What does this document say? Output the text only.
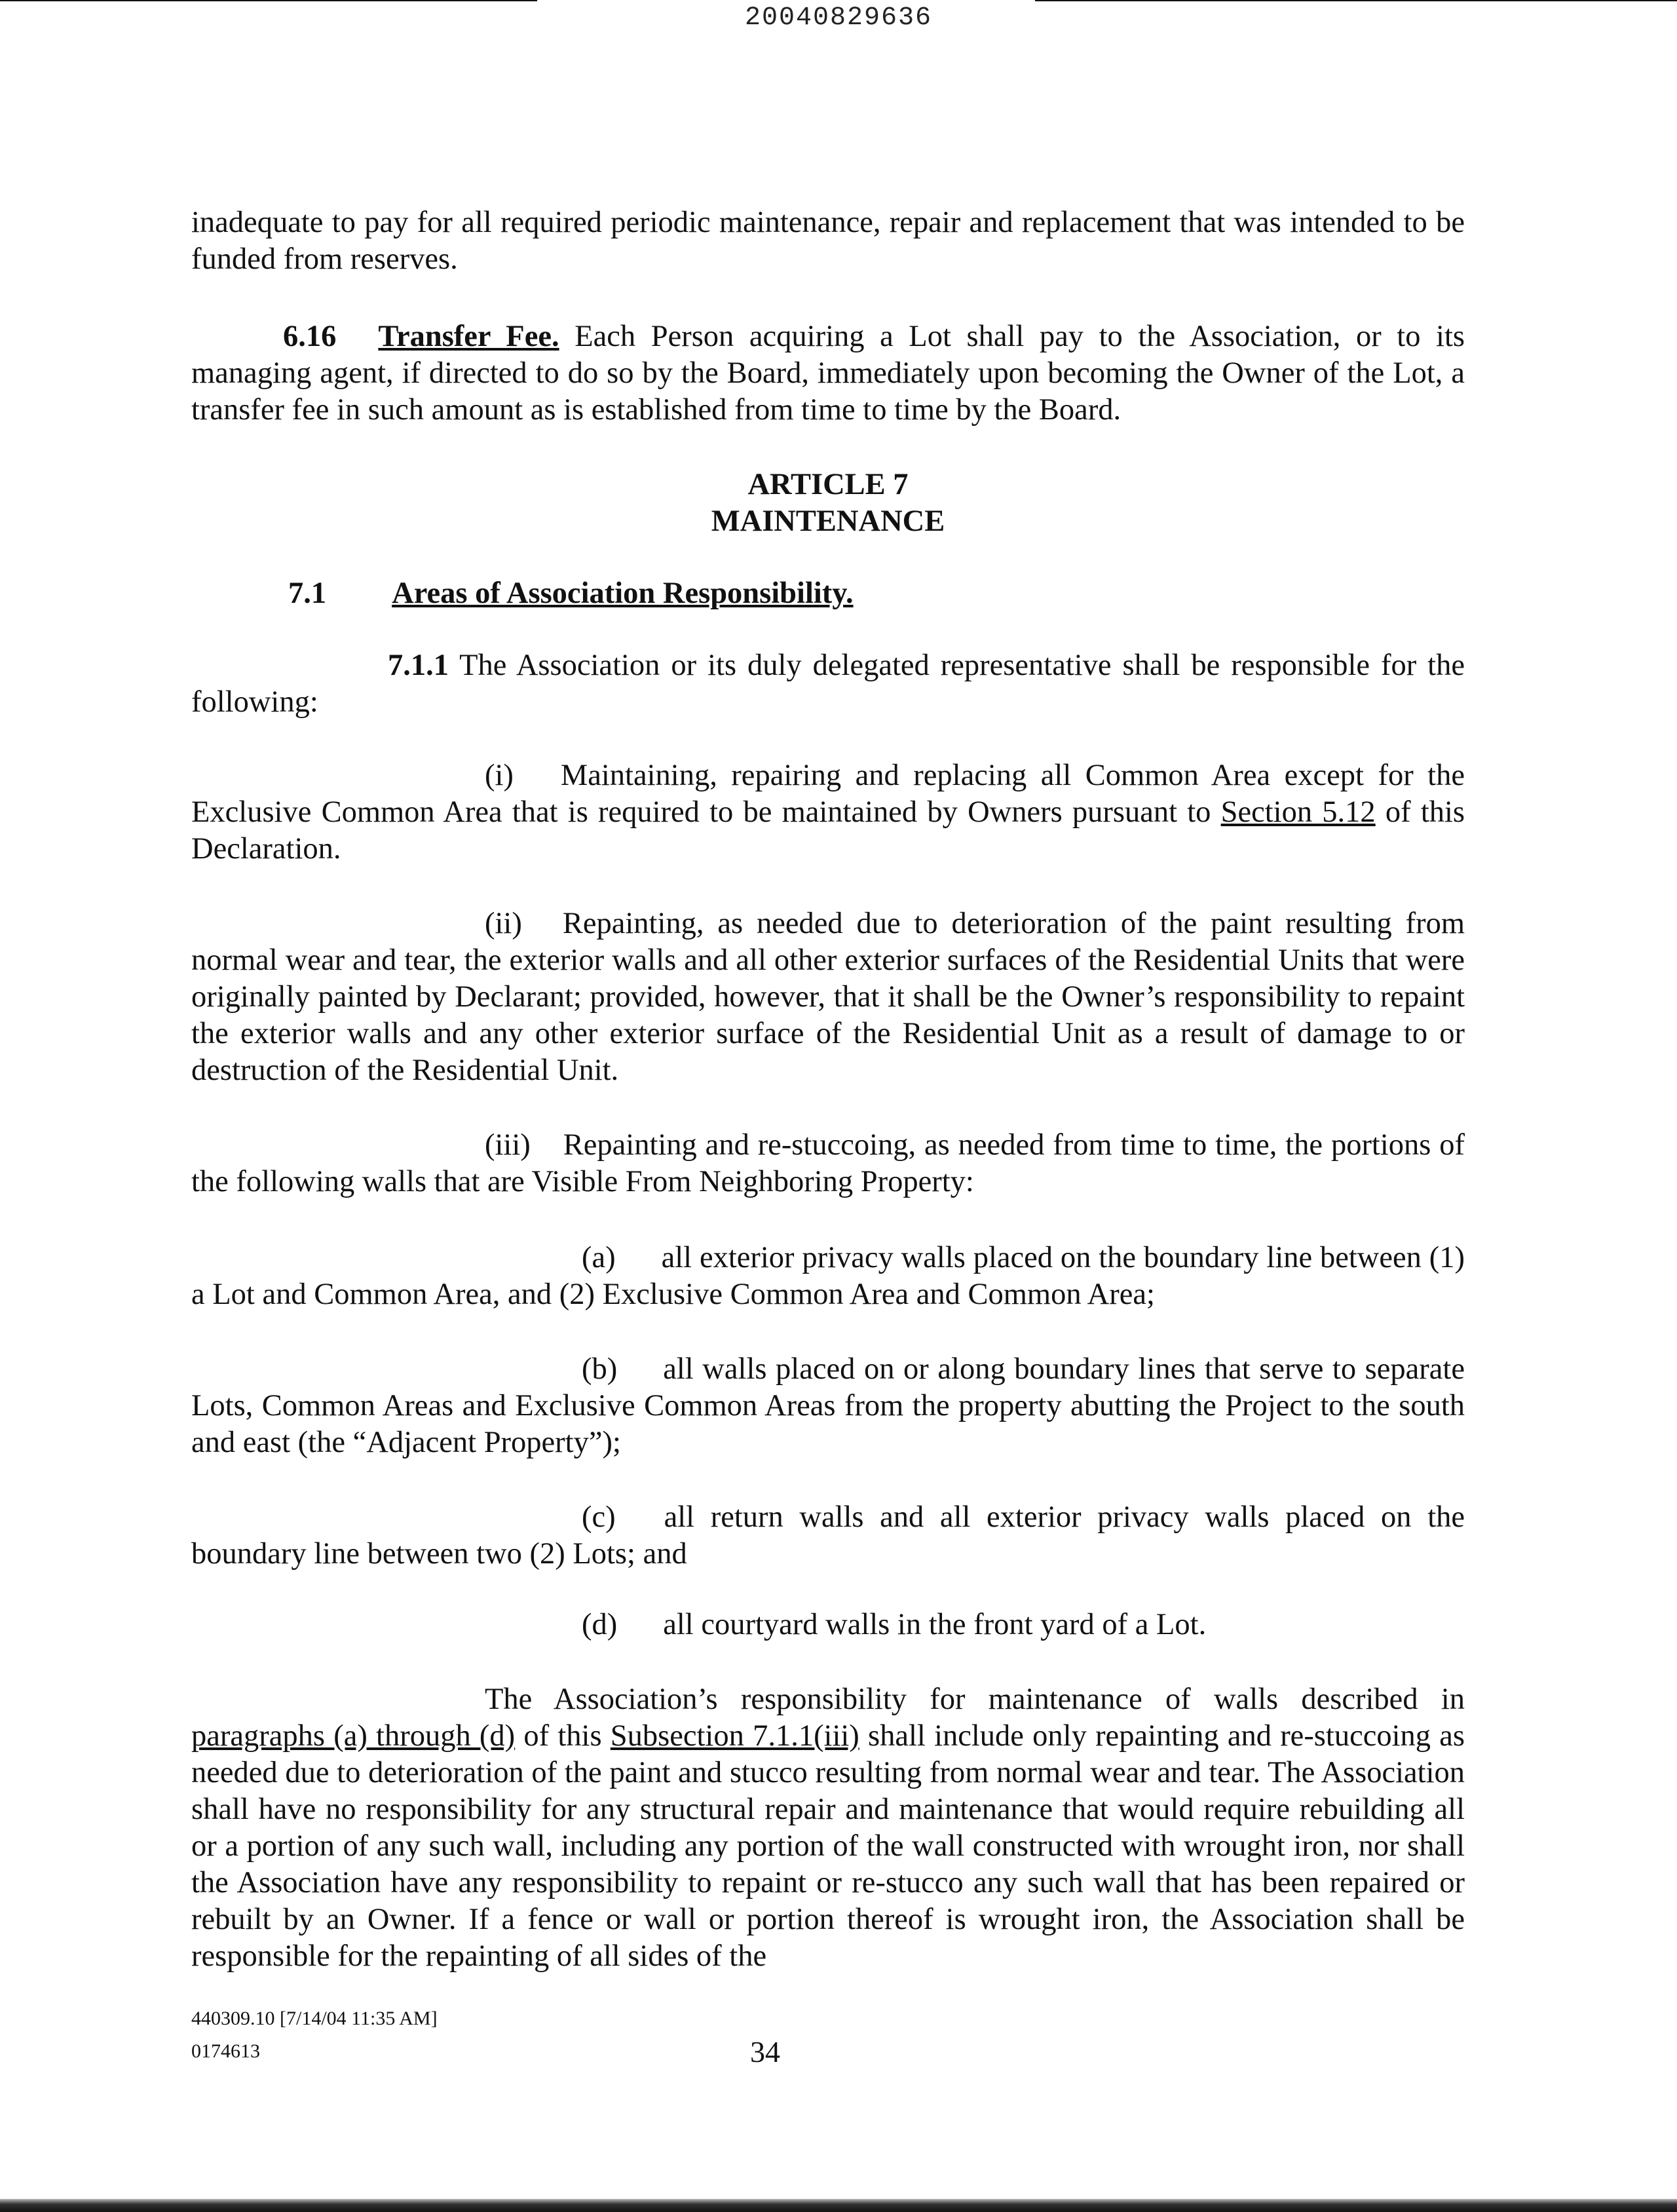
20040829636
inadequate to pay for all required periodic maintenance, repair and replacement that was intended to be funded from reserves.
6.16 Transfer Fee. Each Person acquiring a Lot shall pay to the Association, or to its managing agent, if directed to do so by the Board, immediately upon becoming the Owner of the Lot, a transfer fee in such amount as is established from time to time by the Board.
ARTICLE 7
MAINTENANCE
7.1 Areas of Association Responsibility.
7.1.1 The Association or its duly delegated representative shall be responsible for the following:
(i) Maintaining, repairing and replacing all Common Area except for the Exclusive Common Area that is required to be maintained by Owners pursuant to Section 5.12 of this Declaration.
(ii) Repainting, as needed due to deterioration of the paint resulting from normal wear and tear, the exterior walls and all other exterior surfaces of the Residential Units that were originally painted by Declarant; provided, however, that it shall be the Owner’s responsibility to repaint the exterior walls and any other exterior surface of the Residential Unit as a result of damage to or destruction of the Residential Unit.
(iii) Repainting and re-stuccoing, as needed from time to time, the portions of the following walls that are Visible From Neighboring Property:
(a) all exterior privacy walls placed on the boundary line between (1) a Lot and Common Area, and (2) Exclusive Common Area and Common Area;
(b) all walls placed on or along boundary lines that serve to separate Lots, Common Areas and Exclusive Common Areas from the property abutting the Project to the south and east (the “Adjacent Property”);
(c) all return walls and all exterior privacy walls placed on the boundary line between two (2) Lots; and
(d) all courtyard walls in the front yard of a Lot.
The Association’s responsibility for maintenance of walls described in paragraphs (a) through (d) of this Subsection 7.1.1(iii) shall include only repainting and re-stuccoing as needed due to deterioration of the paint and stucco resulting from normal wear and tear. The Association shall have no responsibility for any structural repair and maintenance that would require rebuilding all or a portion of any such wall, including any portion of the wall constructed with wrought iron, nor shall the Association have any responsibility to repaint or re-stucco any such wall that has been repaired or rebuilt by an Owner. If a fence or wall or portion thereof is wrought iron, the Association shall be responsible for the repainting of all sides of the
440309.10 [7/14/04 11:35 AM]
0174613	34
